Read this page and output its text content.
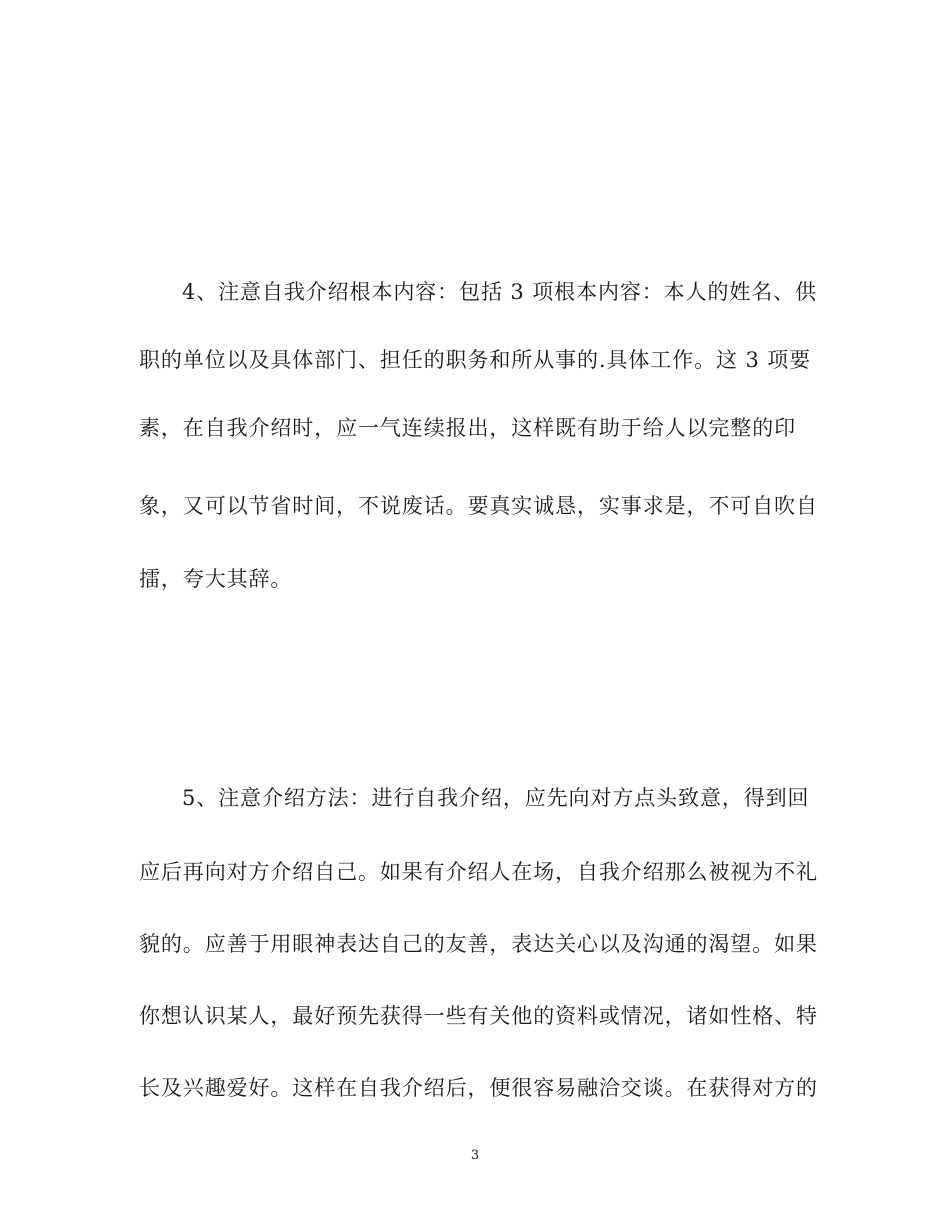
4、注意自我介绍根本内容：包括 3 项根本内容：本人的姓名、供
职的单位以及具体部门、担任的职务和所从事的.具体工作。这 3 项要
素，在自我介绍时，应一气连续报出，这样既有助于给人以完整的印
象，又可以节省时间，不说废话。要真实诚恳，实事求是，不可自吹自
擂，夸大其辞。
5、注意介绍方法：进行自我介绍，应先向对方点头致意，得到回
应后再向对方介绍自己。如果有介绍人在场，自我介绍那么被视为不礼
貌的。应善于用眼神表达自己的友善，表达关心以及沟通的渴望。如果
你想认识某人，最好预先获得一些有关他的资料或情况，诸如性格、特
长及兴趣爱好。这样在自我介绍后，便很容易融洽交谈。在获得对方的
3
